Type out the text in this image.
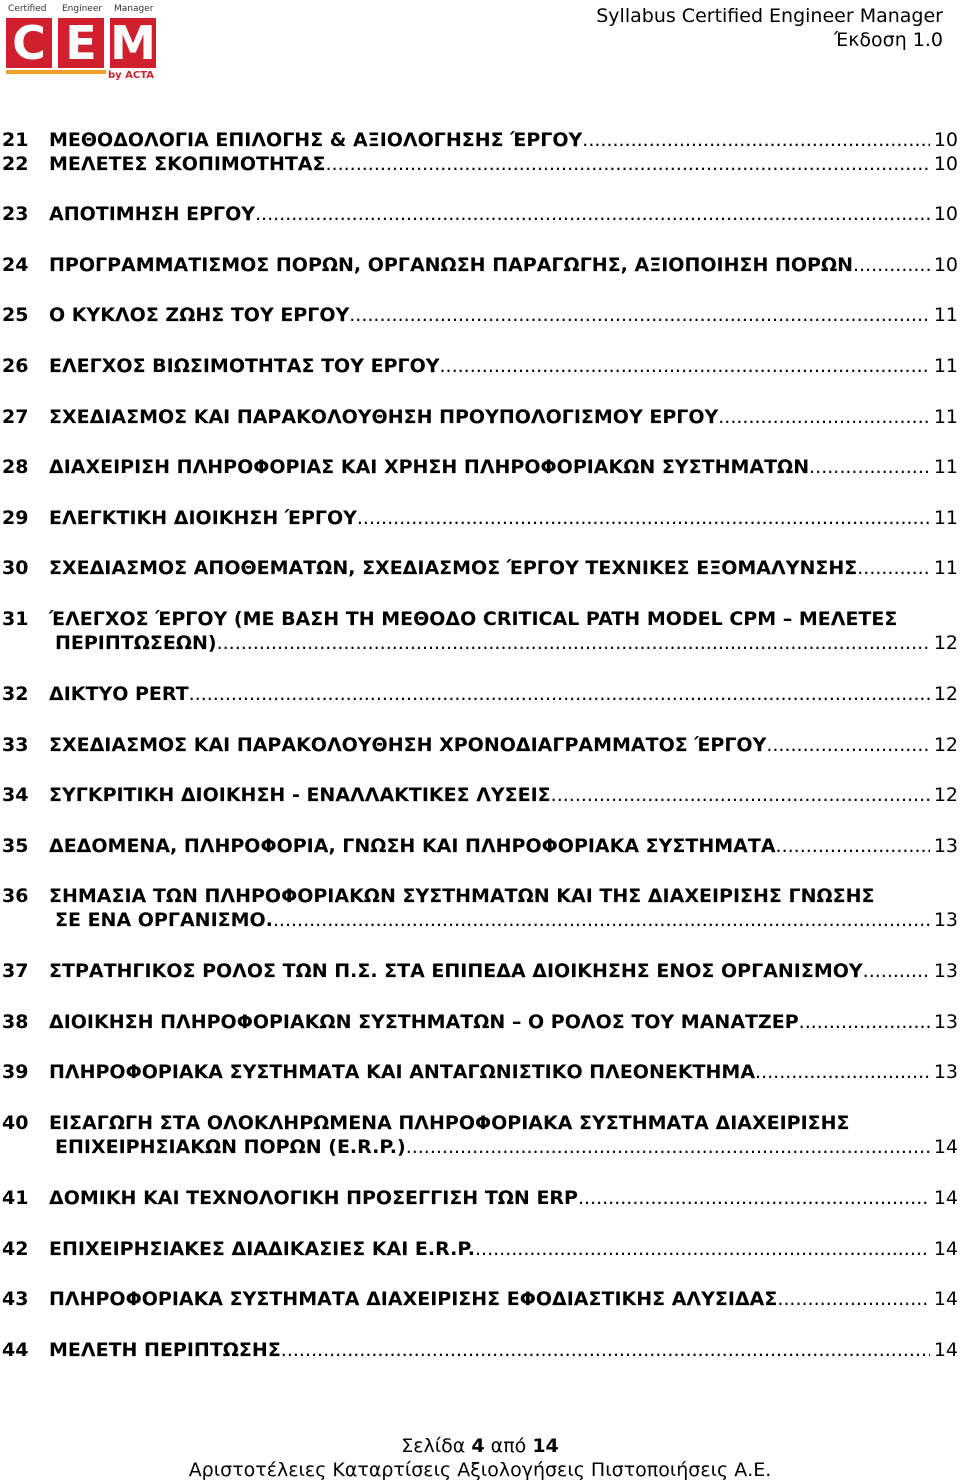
Certified Engineer Manager
C E M
by ACTA
Syllabus Certified Engineer Manager
Έκδοση 1.0
21	ΜΕΘΟΔΟΛΟΓΙΑ ΕΠΙΛΟΓΗΣ & ΑΞΙΟΛΟΓΗΣΗΣ ΈΡΓΟΥ .....	10
22	ΜΕΛΕΤΕΣ ΣΚΟΠΙΜΟΤΗΤΑΣ .....	10
23	ΑΠΟΤΙΜΗΣΗ ΕΡΓΟΥ .....	10
24	ΠΡΟΓΡΑΜΜΑΤΙΣΜΟΣ ΠΟΡΩΝ, ΟΡΓΑΝΩΣΗ ΠΑΡΑΓΩΓΗΣ, ΑΞΙΟΠΟΙΗΣΗ ΠΟΡΩΝ .....	10
25	Ο ΚΥΚΛΟΣ ΖΩΗΣ ΤΟΥ ΕΡΓΟΥ .....	11
26	ΕΛΕΓΧΟΣ ΒΙΩΣΙΜΟΤΗΤΑΣ ΤΟΥ ΕΡΓΟΥ .....	11
27	ΣΧΕΔΙΑΣΜΟΣ ΚΑΙ ΠΑΡΑΚΟΛΟΥΘΗΣΗ ΠΡΟΥΠΟΛΟΓΙΣΜΟΥ ΕΡΓΟΥ .....	11
28	ΔΙΑΧΕΙΡΙΣΗ ΠΛΗΡΟΦΟΡΙΑΣ ΚΑΙ ΧΡΗΣΗ ΠΛΗΡΟΦΟΡΙΑΚΩΝ ΣΥΣΤΗΜΑΤΩΝ .....	11
29	ΕΛΕΓΚΤΙΚΗ ΔΙΟΙΚΗΣΗ ΈΡΓΟΥ .....	11
30	ΣΧΕΔΙΑΣΜΟΣ ΑΠΟΘΕΜΑΤΩΝ, ΣΧΕΔΙΑΣΜΟΣ ΈΡΓΟΥ ΤΕΧΝΙΚΕΣ ΕΞΟΜΑΛΥΝΣΗΣ .....	11
31	ΈΛΕΓΧΟΣ ΈΡΓΟΥ (ΜΕ ΒΑΣΗ ΤΗ ΜΕΘΟΔΟ CRITICAL PATH MODEL CPM – ΜΕΛΕΤΕΣ
ΠΕΡΙΠΤΩΣΕΩΝ) .....	12
32	ΔΙΚΤΥΟ PERT .....	12
33	ΣΧΕΔΙΑΣΜΟΣ ΚΑΙ ΠΑΡΑΚΟΛΟΥΘΗΣΗ ΧΡΟΝΟΔΙΑΓΡΑΜΜΑΤΟΣ ΈΡΓΟΥ .....	12
34	ΣΥΓΚΡΙΤΙΚΗ ΔΙΟΙΚΗΣΗ - ΕΝΑΛΛΑΚΤΙΚΕΣ ΛΥΣΕΙΣ .....	12
35	ΔΕΔΟΜΕΝΑ, ΠΛΗΡΟΦΟΡΙΑ, ΓΝΩΣΗ ΚΑΙ ΠΛΗΡΟΦΟΡΙΑΚΑ ΣΥΣΤΗΜΑΤΑ .....	13
36	ΣΗΜΑΣΙΑ ΤΩΝ ΠΛΗΡΟΦΟΡΙΑΚΩΝ ΣΥΣΤΗΜΑΤΩΝ ΚΑΙ ΤΗΣ ΔΙΑΧΕΙΡΙΣΗΣ ΓΝΩΣΗΣ
ΣΕ ΕΝΑ ΟΡΓΑΝΙΣΜΟ. .....	13
37	ΣΤΡΑΤΗΓΙΚΟΣ ΡΟΛΟΣ ΤΩΝ Π.Σ. ΣΤΑ ΕΠΙΠΕΔΑ ΔΙΟΙΚΗΣΗΣ ΕΝΟΣ ΟΡΓΑΝΙΣΜΟΥ .....	13
38	ΔΙΟΙΚΗΣΗ ΠΛΗΡΟΦΟΡΙΑΚΩΝ ΣΥΣΤΗΜΑΤΩΝ – Ο ΡΟΛΟΣ ΤΟΥ ΜΑΝΑΤΖΕΡ .....	13
39	ΠΛΗΡΟΦΟΡΙΑΚΑ ΣΥΣΤΗΜΑΤΑ ΚΑΙ ΑΝΤΑΓΩΝΙΣΤΙΚΟ ΠΛΕΟΝΕΚΤΗΜΑ .....	13
40	ΕΙΣΑΓΩΓΗ ΣΤΑ ΟΛΟΚΛΗΡΩΜΕΝΑ ΠΛΗΡΟΦΟΡΙΑΚΑ ΣΥΣΤΗΜΑΤΑ ΔΙΑΧΕΙΡΙΣΗΣ
ΕΠΙΧΕΙΡΗΣΙΑΚΩΝ ΠΟΡΩΝ (E.R.P.) .....	14
41	ΔΟΜΙΚΗ ΚΑΙ ΤΕΧΝΟΛΟΓΙΚΗ ΠΡΟΣΕΓΓΙΣΗ ΤΩΝ ERP .....	14
42	ΕΠΙΧΕΙΡΗΣΙΑΚΕΣ ΔΙΑΔΙΚΑΣΙΕΣ ΚΑΙ E.R.P. .....	14
43	ΠΛΗΡΟΦΟΡΙΑΚΑ ΣΥΣΤΗΜΑΤΑ ΔΙΑΧΕΙΡΙΣΗΣ ΕΦΟΔΙΑΣΤΙΚΗΣ ΑΛΥΣΙΔΑΣ .....	14
44	ΜΕΛΕΤΗ ΠΕΡΙΠΤΩΣΗΣ .....	14
Σελίδα 4 από 14
Αριστοτέλειες Καταρτίσεις Αξιολογήσεις Πιστοποιήσεις Α.Ε.
